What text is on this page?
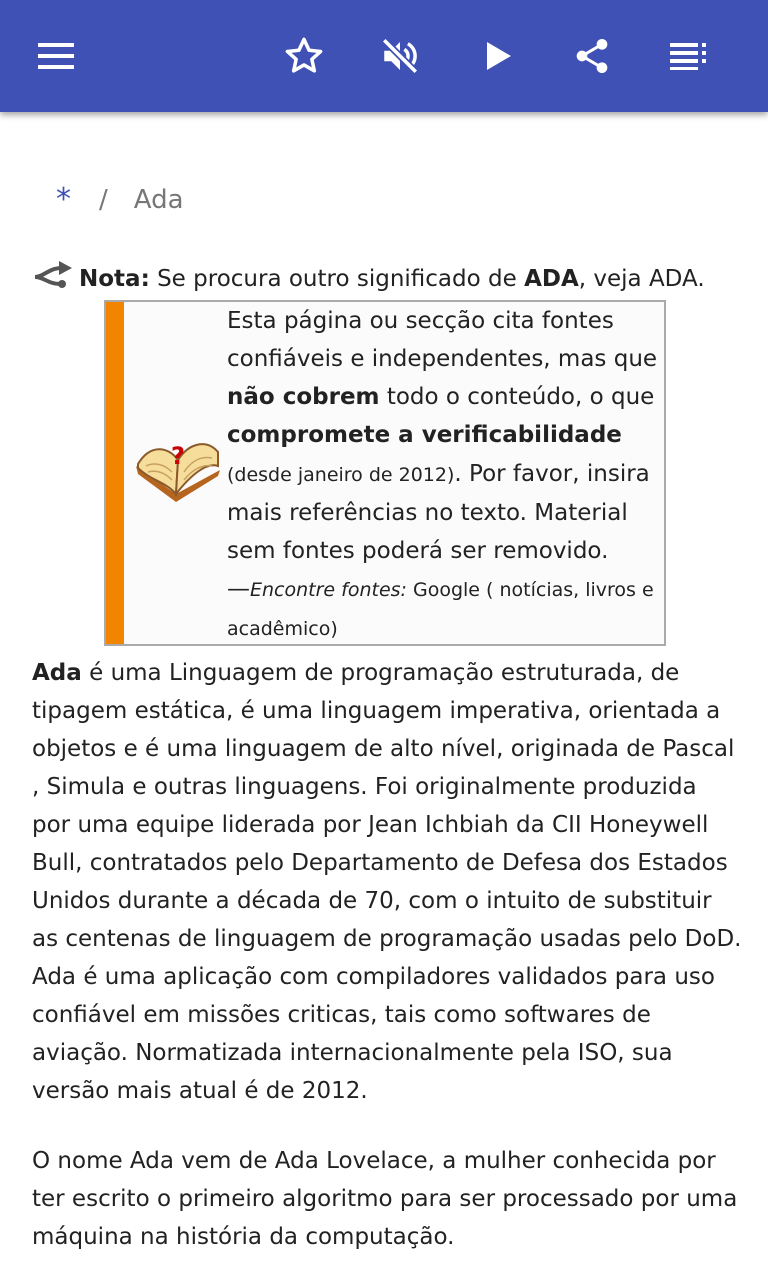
* / Ada
Nota: Se procura outro significado de ADA, veja ADA.
?
Esta página ou secção cita fontes confiáveis e independentes, mas que não cobrem todo o conteúdo, o que compromete a verificabilidade (desde janeiro de 2012). Por favor, insira mais referências no texto. Material sem fontes poderá ser removido.
—Encontre fontes: Google ( notícias, livros e acadêmico)
Ada é uma Linguagem de programação estruturada, de tipagem estática, é uma linguagem imperativa, orientada a objetos e é uma linguagem de alto nível, originada de Pascal , Simula e outras linguagens. Foi originalmente produzida por uma equipe liderada por Jean Ichbiah da CII Honeywell Bull, contratados pelo Departamento de Defesa dos Estados Unidos durante a década de 70, com o intuito de substituir as centenas de linguagem de programação usadas pelo DoD. Ada é uma aplicação com compiladores validados para uso confiável em missões criticas, tais como softwares de aviação. Normatizada internacionalmente pela ISO, sua versão mais atual é de 2012.
O nome Ada vem de Ada Lovelace, a mulher conhecida por ter escrito o primeiro algoritmo para ser processado por uma máquina na história da computação.
